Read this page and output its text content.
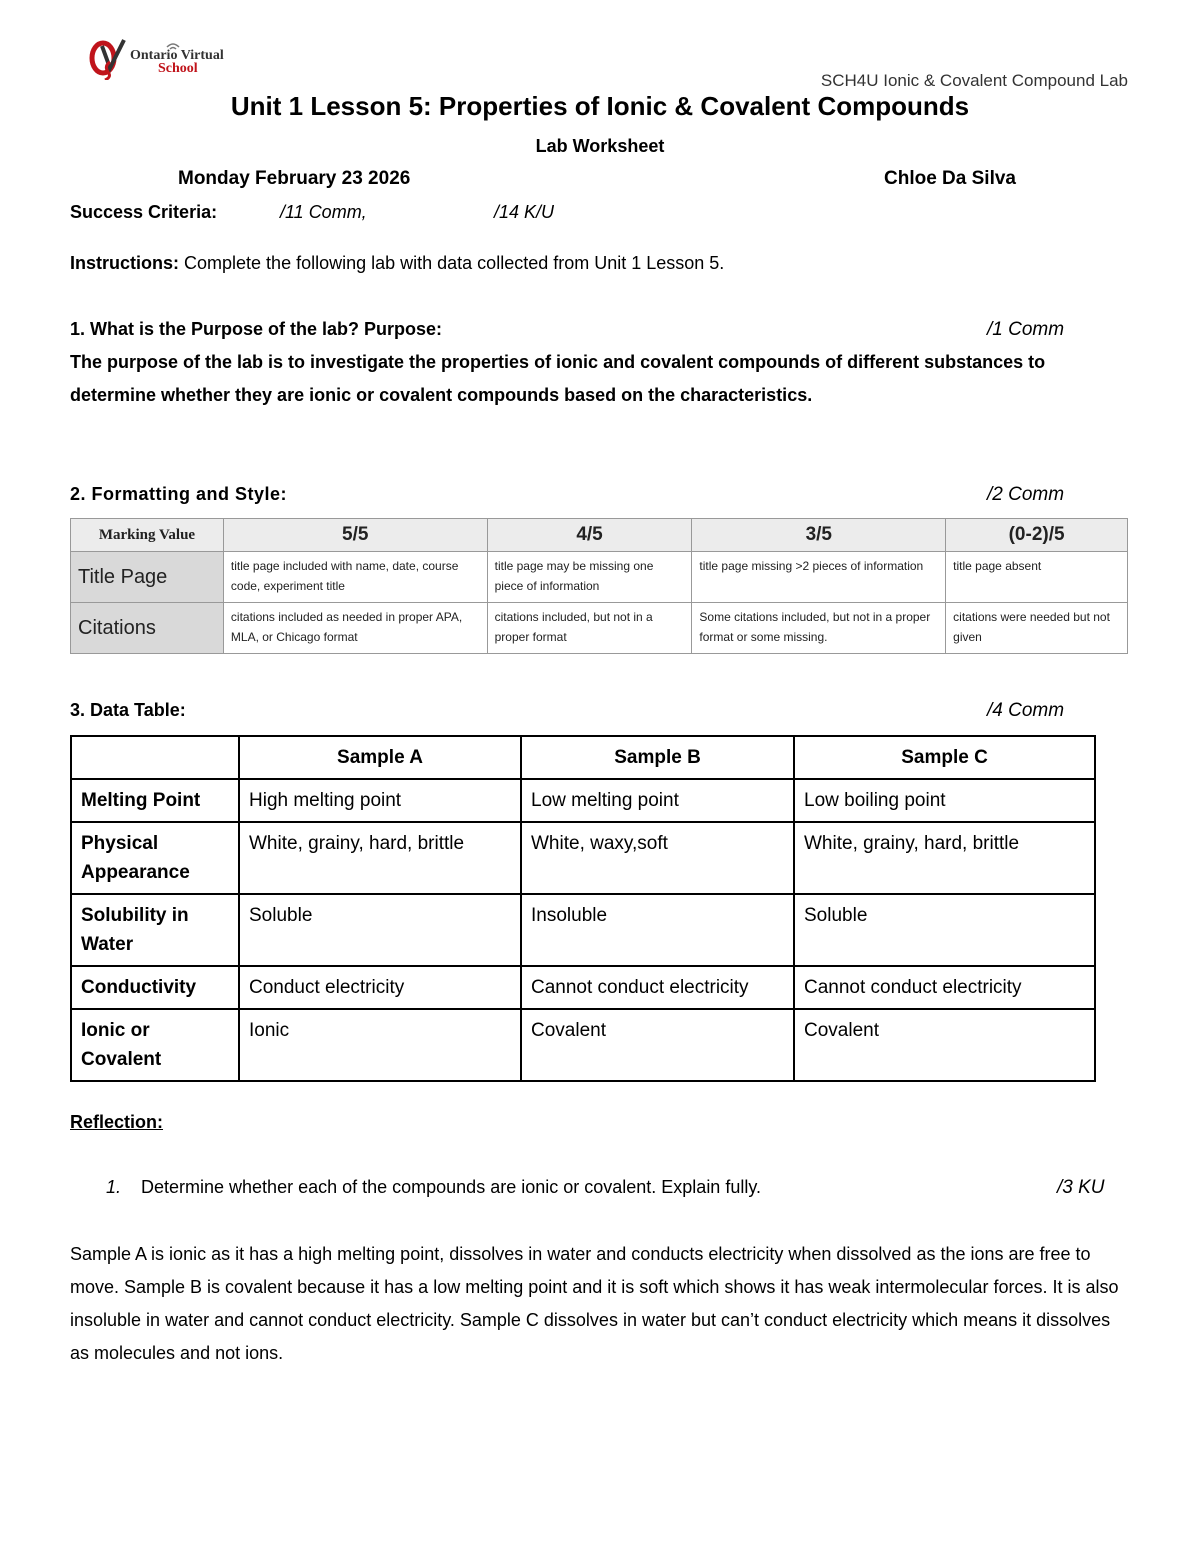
Ontario Virtual
School
SCH4U Ionic & Covalent Compound Lab
Unit 1 Lesson 5: Properties of Ionic & Covalent Compounds
Lab Worksheet
Monday February 23 2026	Chloe Da Silva
Success Criteria:	/11 Comm,	/14 K/U
Instructions: Complete the following lab with data collected from Unit 1 Lesson 5.
1. What is the Purpose of the lab? Purpose:	/1 Comm
The purpose of the lab is to investigate the properties of ionic and covalent compounds of different substances to determine whether they are ionic or covalent compounds based on the characteristics.
2. Formatting and Style:	/2 Comm
Marking Value	5/5	4/5	3/5	(0-2)/5
Title Page	title page included with name, date, course code, experiment title	title page may be missing one piece of information	title page missing >2 pieces of information	title page absent
Citations	citations included as needed in proper APA, MLA, or Chicago format	citations included, but not in a proper format	Some citations included, but not in a proper format or some missing.	citations were needed but not given
3. Data Table:	/4 Comm
	Sample A	Sample B	Sample C
Melting Point	High melting point	Low melting point	Low boiling point
Physical Appearance	White, grainy, hard, brittle	White, waxy,soft	White, grainy, hard, brittle
Solubility in Water	Soluble	Insoluble	Soluble
Conductivity	Conduct electricity	Cannot conduct electricity	Cannot conduct electricity
Ionic or Covalent	Ionic	Covalent	Covalent
Reflection:
1. Determine whether each of the compounds are ionic or covalent. Explain fully.	/3 KU
Sample A is ionic as it has a high melting point, dissolves in water and conducts electricity when dissolved as the ions are free to move. Sample B is covalent because it has a low melting point and it is soft which shows it has weak intermolecular forces. It is also insoluble in water and cannot conduct electricity. Sample C dissolves in water but can’t conduct electricity which means it dissolves as molecules and not ions.
